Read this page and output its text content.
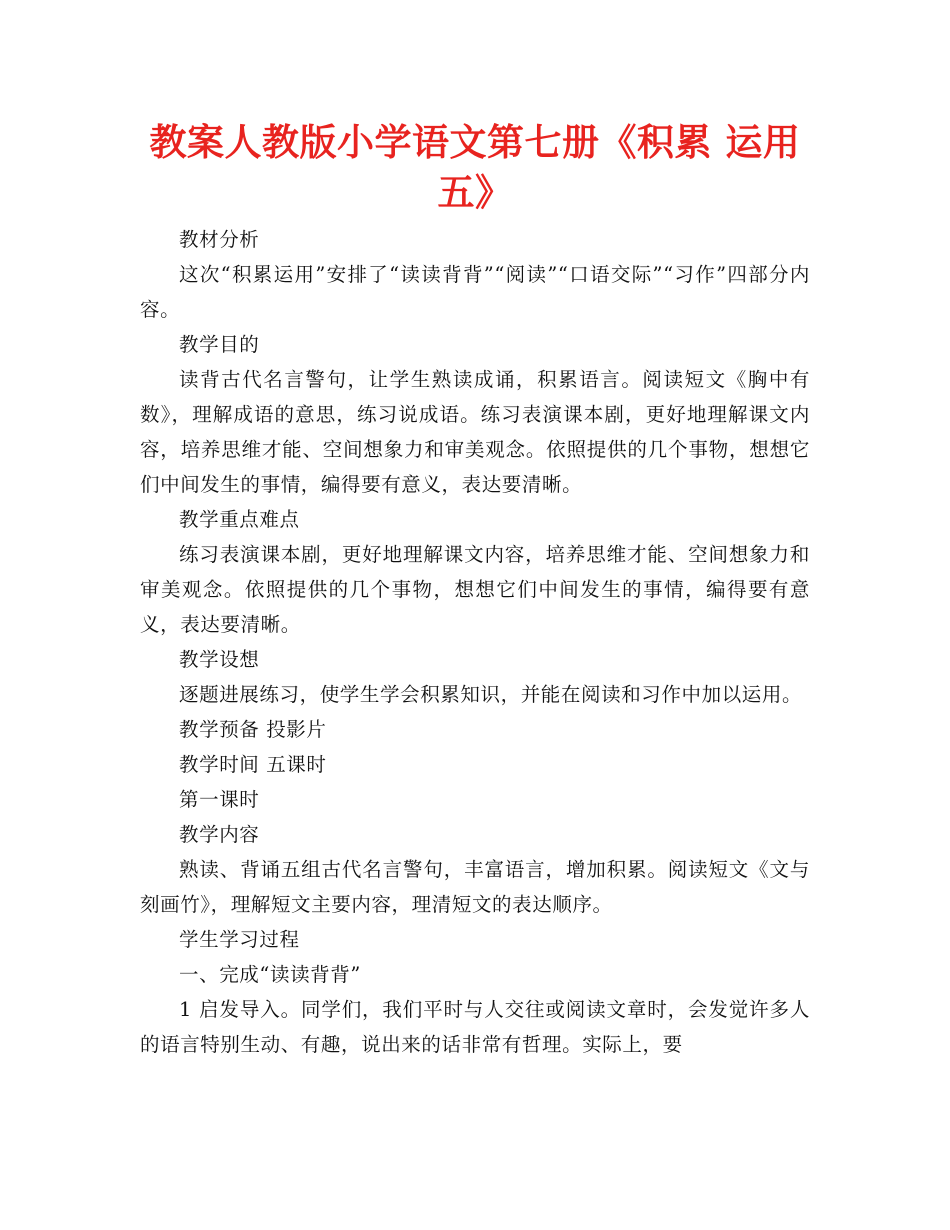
教案人教版小学语文第七册《积累 运用五》

教材分析

这次“积累运用”安排了“读读背背”“阅读”“口语交际”“习作”四部分内容。

教学目的

读背古代名言警句，让学生熟读成诵，积累语言。阅读短文《胸中有数》，理解成语的意思，练习说成语。练习表演课本剧，更好地理解课文内容，培养思维才能、空间想象力和审美观念。依照提供的几个事物，想想它们中间发生的事情，编得要有意义，表达要清晰。

教学重点难点

练习表演课本剧，更好地理解课文内容，培养思维才能、空间想象力和审美观念。依照提供的几个事物，想想它们中间发生的事情，编得要有意义，表达要清晰。

教学设想

逐题进展练习，使学生学会积累知识，并能在阅读和习作中加以运用。

教学预备 投影片

教学时间 五课时

第一课时

教学内容

熟读、背诵五组古代名言警句，丰富语言，增加积累。阅读短文《文与刻画竹》，理解短文主要内容，理清短文的表达顺序。

学生学习过程

一、完成“读读背背”

1 启发导入。同学们，我们平时与人交往或阅读文章时，会发觉许多人的语言特别生动、有趣，说出来的话非常有哲理。实际上，要
